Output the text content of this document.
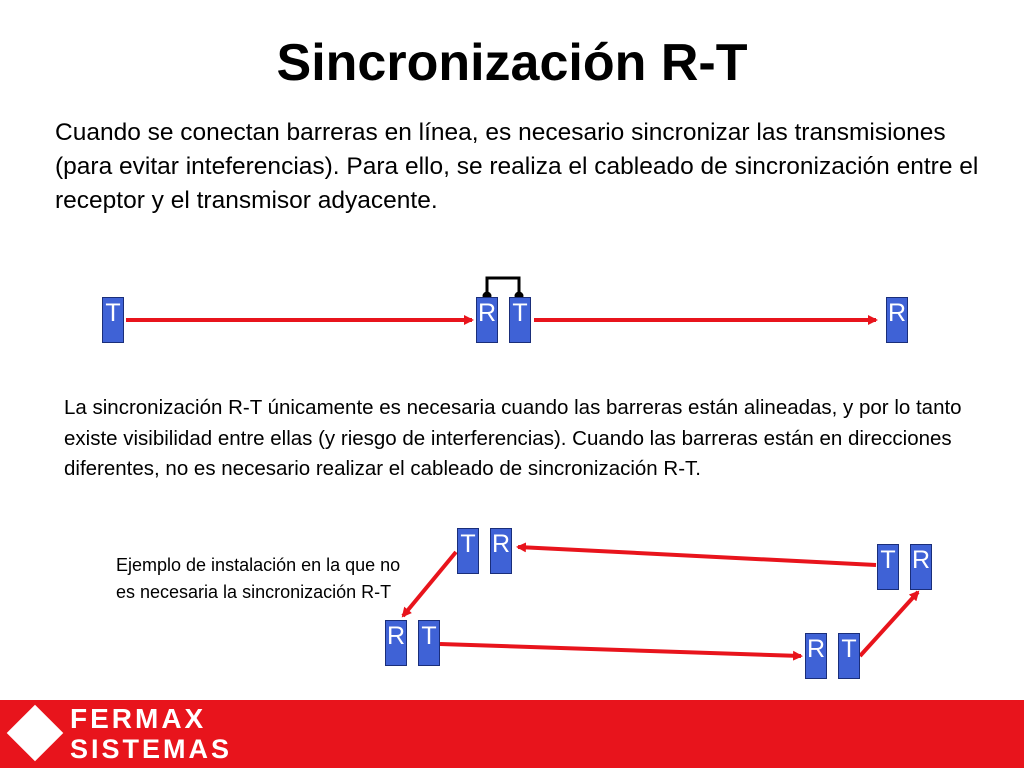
Sincronización R-T
Cuando se conectan barreras en línea, es necesario sincronizar las transmisiones (para evitar inteferencias). Para ello, se realiza el cableado de sincronización entre el receptor y el transmisor adyacente.
La sincronización R-T únicamente es necesaria cuando las barreras están alineadas, y por lo tanto existe visibilidad entre ellas (y riesgo de interferencias). Cuando las barreras están en direcciones diferentes, no es necesario realizar el cableado de sincronización R-T.
Ejemplo de instalación en la que no es necesaria la sincronización R-T
T	R T	R
T R
T R
R T	R T
FERMAX
SISTEMAS
